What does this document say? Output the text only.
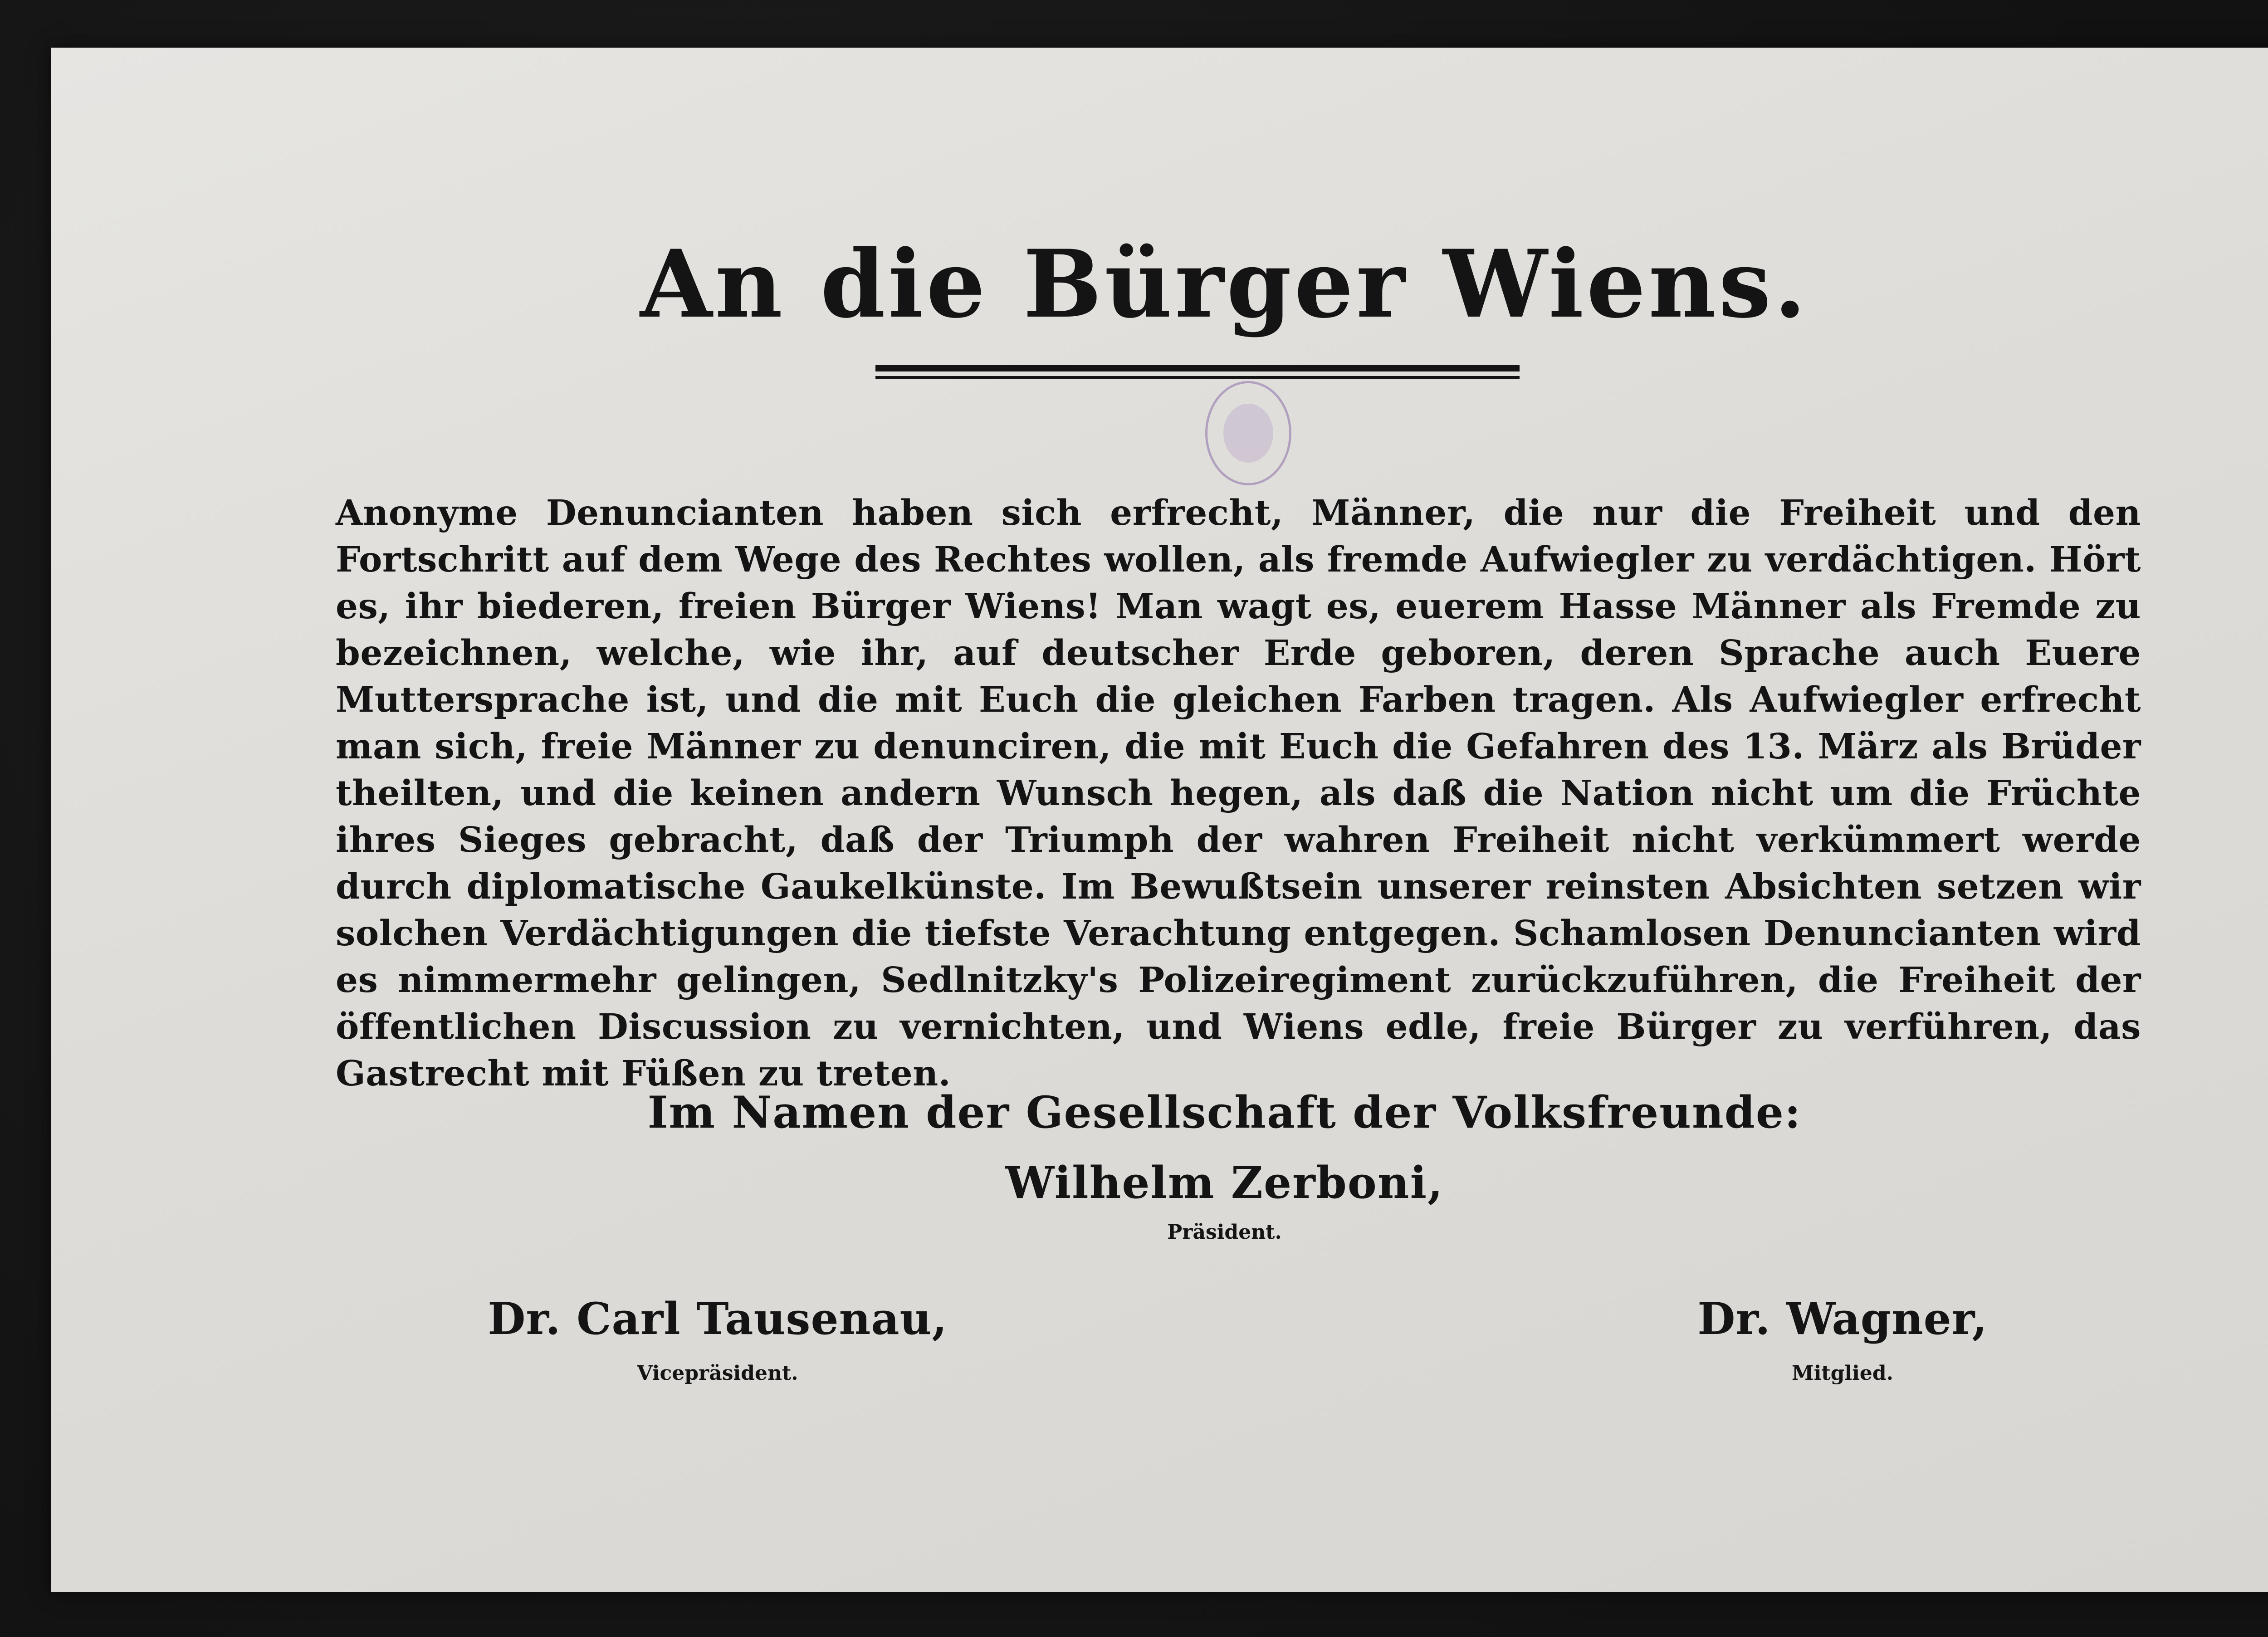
An die Bürger Wiens.

Anonyme Denuncianten haben sich erfrecht, Männer, die nur die Freiheit und den Fortschritt auf dem Wege des Rechtes wollen, als fremde Aufwiegler zu verdächtigen. Hört es, ihr biederen, freien Bürger Wiens! Man wagt es, euerem Hasse Männer als Fremde zu bezeichnen, welche, wie ihr, auf deutscher Erde geboren, deren Sprache auch Euere Muttersprache ist, und die mit Euch die gleichen Farben tragen. Als Aufwiegler erfrecht man sich, freie Männer zu denunciren, die mit Euch die Gefahren des 13. März als Brüder theilten, und die keinen andern Wunsch hegen, als daß die Nation nicht um die Früchte ihres Sieges gebracht, daß der Triumph der wahren Freiheit nicht verkümmert werde durch diplomatische Gaukelkünste. Im Bewußtsein unserer reinsten Absichten setzen wir solchen Verdächtigungen die tiefste Verachtung entgegen. Schamlosen Denuncianten wird es nimmermehr gelingen, Sedlnitzky's Polizeiregiment zurückzuführen, die Freiheit der öffentlichen Discussion zu vernichten, und Wiens edle, freie Bürger zu verführen, das Gastrecht mit Füßen zu treten.

Im Namen der Gesellschaft der Volksfreunde:
Wilhelm Zerboni,
Präsident.
Dr. Carl Tausenau,
Vicepräsident.
Dr. Wagner,
Mitglied.
